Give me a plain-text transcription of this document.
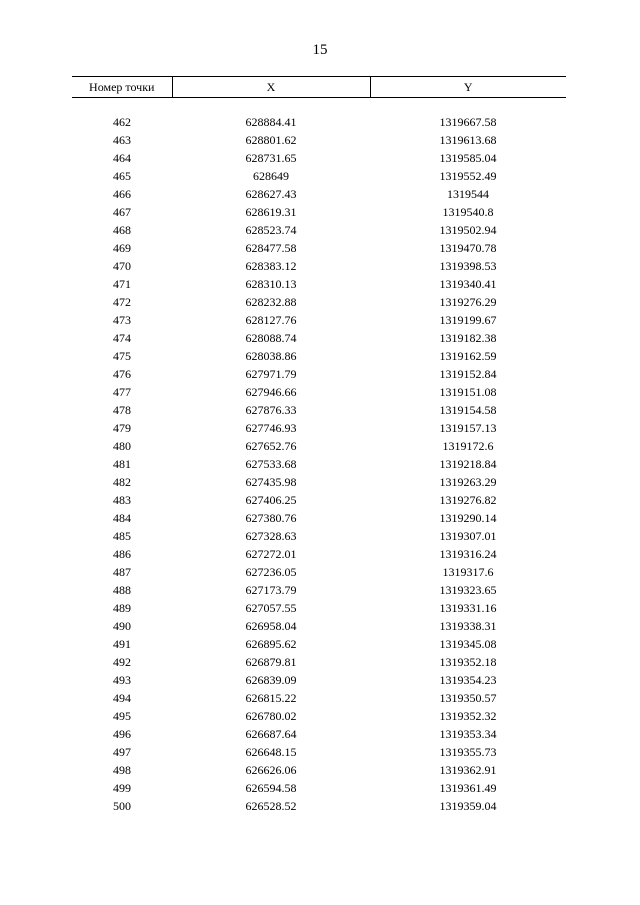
15
Номер точки	X	Y

462	628884.41	1319667.58
463	628801.62	1319613.68
464	628731.65	1319585.04
465	628649	1319552.49
466	628627.43	1319544
467	628619.31	1319540.8
468	628523.74	1319502.94
469	628477.58	1319470.78
470	628383.12	1319398.53
471	628310.13	1319340.41
472	628232.88	1319276.29
473	628127.76	1319199.67
474	628088.74	1319182.38
475	628038.86	1319162.59
476	627971.79	1319152.84
477	627946.66	1319151.08
478	627876.33	1319154.58
479	627746.93	1319157.13
480	627652.76	1319172.6
481	627533.68	1319218.84
482	627435.98	1319263.29
483	627406.25	1319276.82
484	627380.76	1319290.14
485	627328.63	1319307.01
486	627272.01	1319316.24
487	627236.05	1319317.6
488	627173.79	1319323.65
489	627057.55	1319331.16
490	626958.04	1319338.31
491	626895.62	1319345.08
492	626879.81	1319352.18
493	626839.09	1319354.23
494	626815.22	1319350.57
495	626780.02	1319352.32
496	626687.64	1319353.34
497	626648.15	1319355.73
498	626626.06	1319362.91
499	626594.58	1319361.49
500	626528.52	1319359.04
